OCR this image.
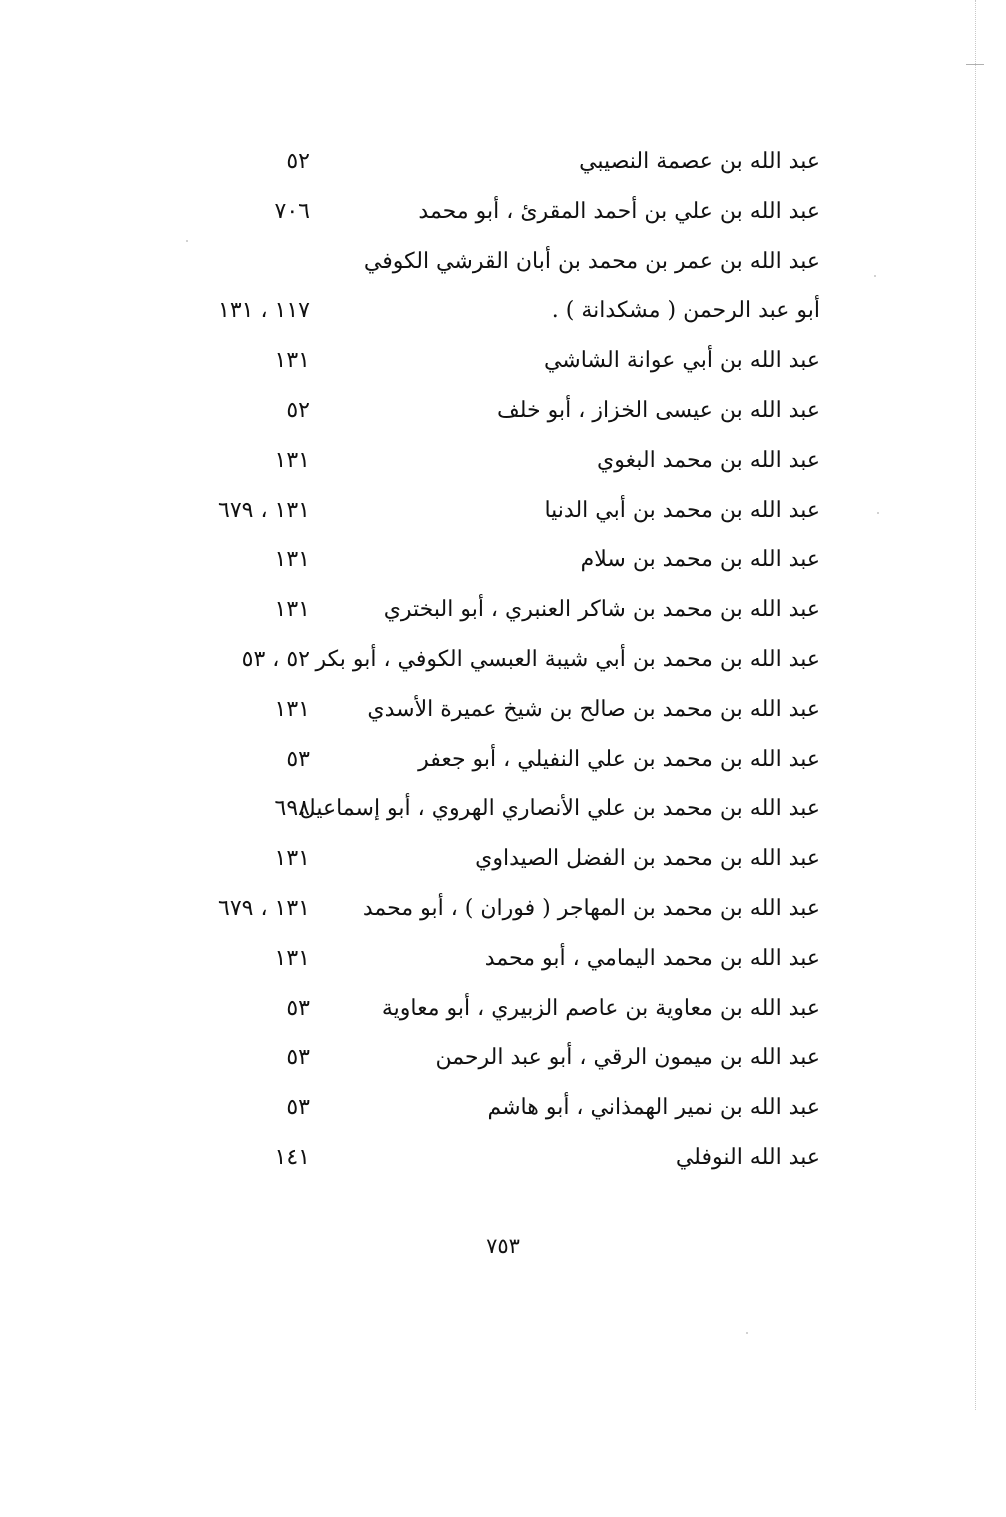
عبد الله بن عصمة النصيبي
٥٢
عبد الله بن علي بن أحمد المقرئ ، أبو محمد
٧٠٦
عبد الله بن عمر بن محمد بن أبان القرشي الكوفي
أبو عبد الرحمن ( مشكدانة ) .
١١٧ ، ١٣١
عبد الله بن أبي عوانة الشاشي
١٣١
عبد الله بن عيسى الخزاز ، أبو خلف
٥٢
عبد الله بن محمد البغوي
١٣١
عبد الله بن محمد بن أبي الدنيا
١٣١ ، ٦٧٩
عبد الله بن محمد بن سلام
١٣١
عبد الله بن محمد بن شاكر العنبري ، أبو البختري
١٣١
عبد الله بن محمد بن أبي شيبة العبسي الكوفي ، أبو بكر
٥٢ ، ٥٣
عبد الله بن محمد بن صالح بن شيخ عميرة الأسدي
١٣١
عبد الله بن محمد بن علي النفيلي ، أبو جعفر
٥٣
عبد الله بن محمد بن علي الأنصاري الهروي ، أبو إسماعيل
٦٩٨
عبد الله بن محمد بن الفضل الصيداوي
١٣١
عبد الله بن محمد بن المهاجر ( فوران ) ، أبو محمد
١٣١ ، ٦٧٩
عبد الله بن محمد اليمامي ، أبو محمد
١٣١
عبد الله بن معاوية بن عاصم الزبيري ، أبو معاوية
٥٣
عبد الله بن ميمون الرقي ، أبو عبد الرحمن
٥٣
عبد الله بن نمير الهمذاني ، أبو هاشم
٥٣
عبد الله النوفلي
١٤١
٧٥٣
